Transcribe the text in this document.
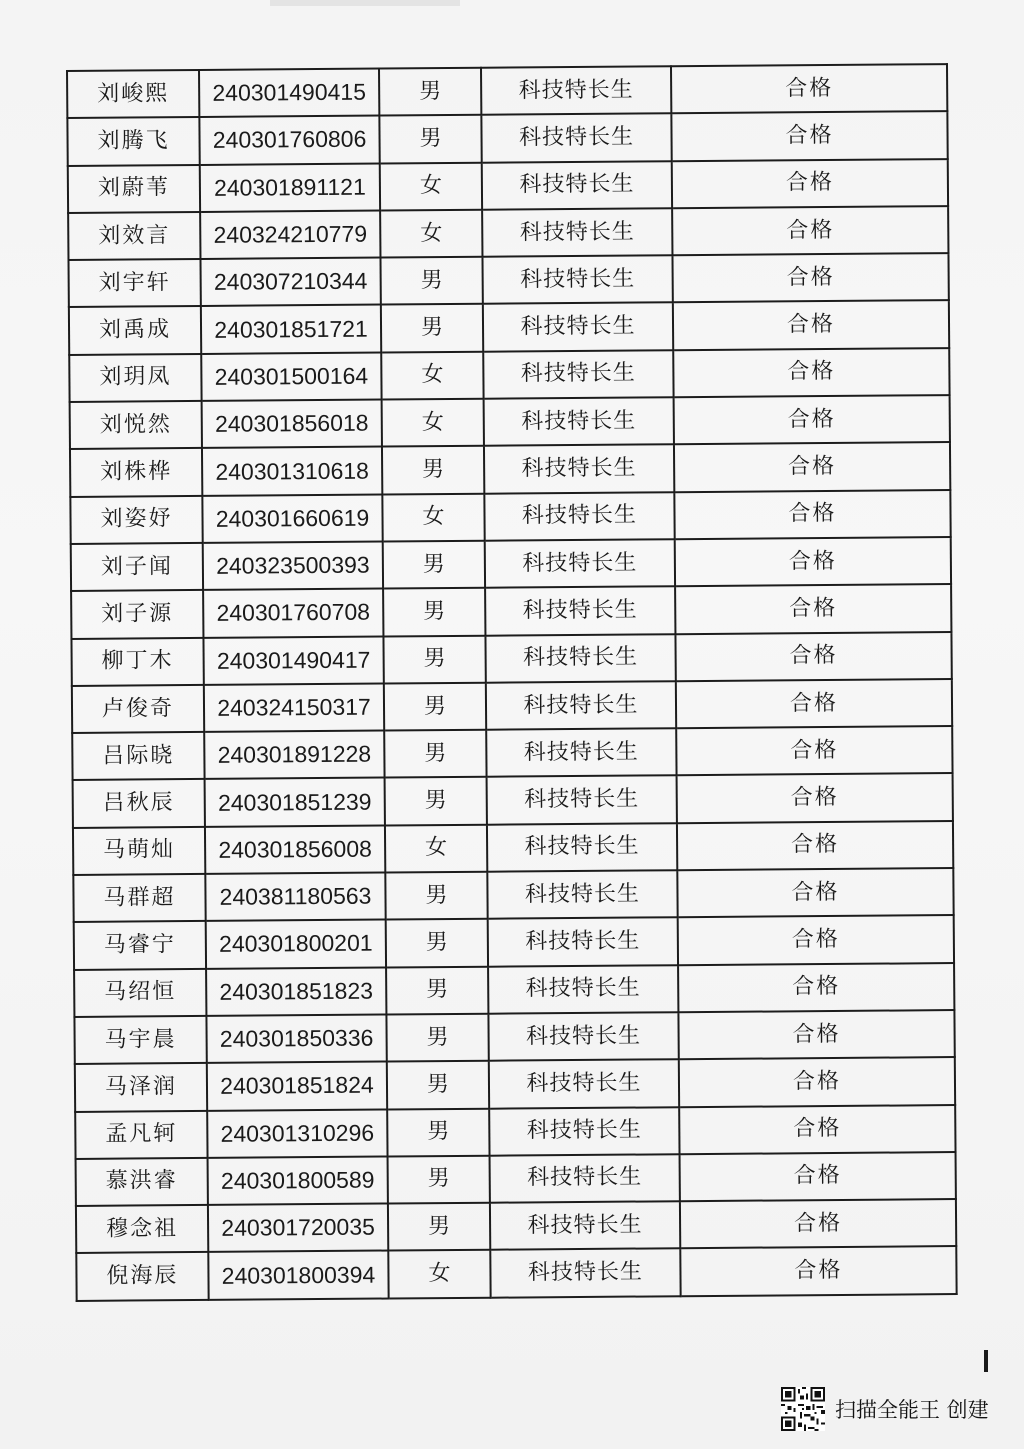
刘峻熙	240301490415	男	科技特长生	合格
刘腾飞	240301760806	男	科技特长生	合格
刘蔚苇	240301891121	女	科技特长生	合格
刘效言	240324210779	女	科技特长生	合格
刘宇轩	240307210344	男	科技特长生	合格
刘禹成	240301851721	男	科技特长生	合格
刘玥凤	240301500164	女	科技特长生	合格
刘悦然	240301856018	女	科技特长生	合格
刘株桦	240301310618	男	科技特长生	合格
刘姿妤	240301660619	女	科技特长生	合格
刘子闻	240323500393	男	科技特长生	合格
刘子源	240301760708	男	科技特长生	合格
柳丁木	240301490417	男	科技特长生	合格
卢俊奇	240324150317	男	科技特长生	合格
吕际晓	240301891228	男	科技特长生	合格
吕秋辰	240301851239	男	科技特长生	合格
马萌灿	240301856008	女	科技特长生	合格
马群超	240381180563	男	科技特长生	合格
马睿宁	240301800201	男	科技特长生	合格
马绍恒	240301851823	男	科技特长生	合格
马宇晨	240301850336	男	科技特长生	合格
马泽润	240301851824	男	科技特长生	合格
孟凡轲	240301310296	男	科技特长生	合格
慕洪睿	240301800589	男	科技特长生	合格
穆念祖	240301720035	男	科技特长生	合格
倪海辰	240301800394	女	科技特长生	合格
扫描全能王 创建
